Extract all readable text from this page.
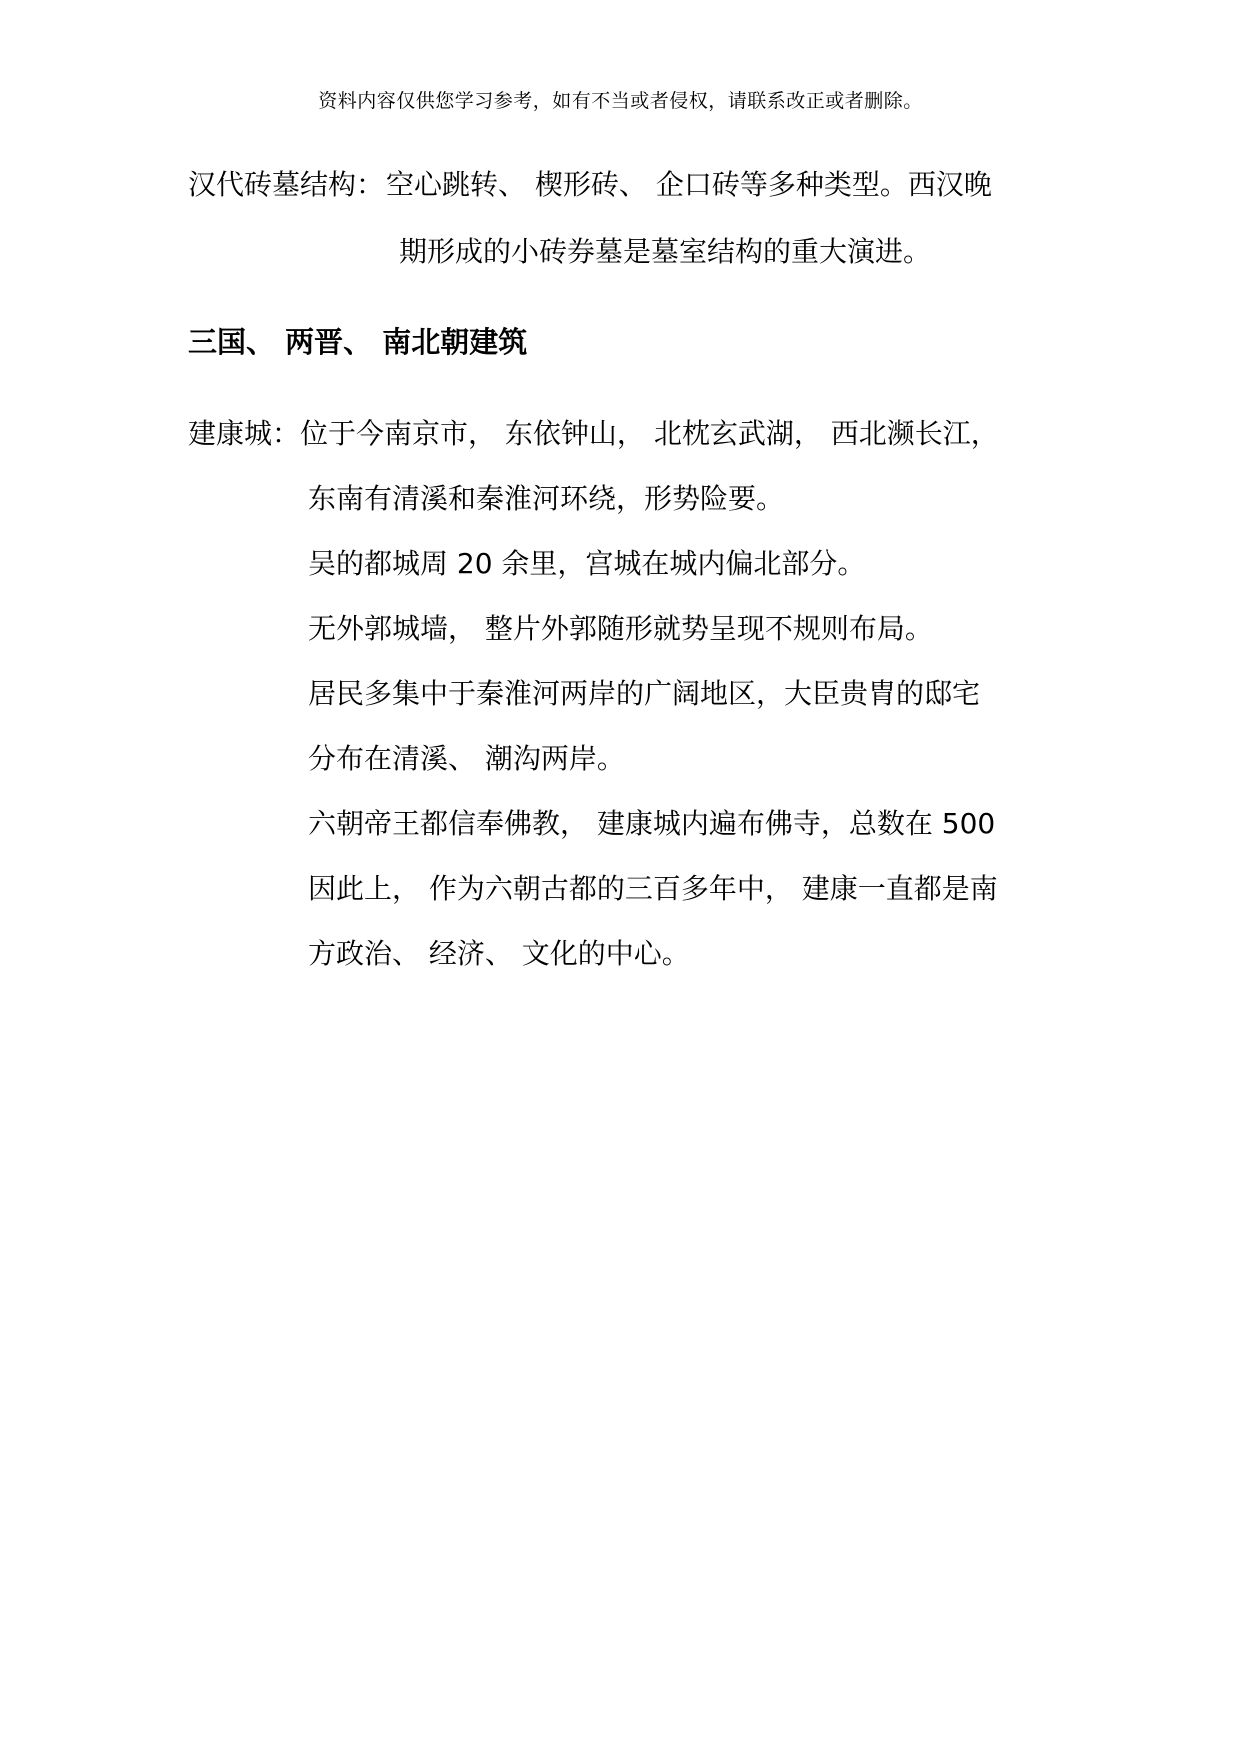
资料内容仅供您学习参考，如有不当或者侵权，请联系改正或者删除。
汉代砖墓结构：空心跳转、 楔形砖、 企口砖等多种类型。西汉晚
期形成的小砖券墓是墓室结构的重大演进。
三国、 两晋、 南北朝建筑
建康城：位于今南京市， 东依钟山， 北枕玄武湖， 西北濒长江，
东南有清溪和秦淮河环绕，形势险要。
吴的都城周 20 余里，宫城在城内偏北部分。
无外郭城墙， 整片外郭随形就势呈现不规则布局。
居民多集中于秦淮河两岸的广阔地区，大臣贵胄的邸宅
分布在清溪、 潮沟两岸。
六朝帝王都信奉佛教， 建康城内遍布佛寺，总数在 500
因此上， 作为六朝古都的三百多年中， 建康一直都是南
方政治、 经济、 文化的中心。
